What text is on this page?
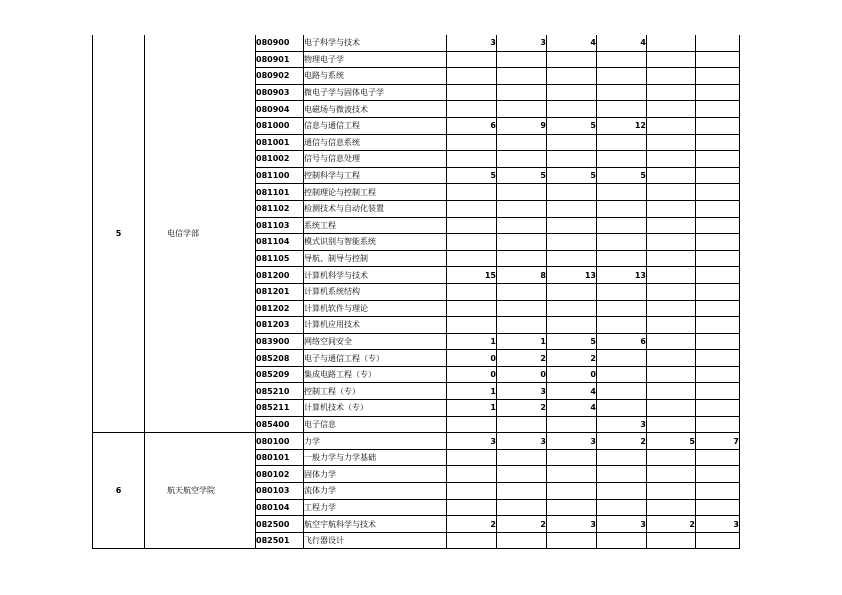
5	电信学部	080900	电子科学与技术	3	3	4	4		
		080901	物理电子学						
		080902	电路与系统						
		080903	微电子学与固体电子学						
		080904	电磁场与微波技术						
		081000	信息与通信工程	6	9	5	12		
		081001	通信与信息系统						
		081002	信号与信息处理						
		081100	控制科学与工程	5	5	5	5		
		081101	控制理论与控制工程						
		081102	检测技术与自动化装置						
		081103	系统工程						
		081104	模式识别与智能系统						
		081105	导航、制导与控制						
		081200	计算机科学与技术	15	8	13	13		
		081201	计算机系统结构						
		081202	计算机软件与理论						
		081203	计算机应用技术						
		083900	网络空间安全	1	1	5	6		
		085208	电子与通信工程（专）	0	2	2			
		085209	集成电路工程（专）	0	0	0			
		085210	控制工程（专）	1	3	4			
		085211	计算机技术（专）	1	2	4			
		085400	电子信息				3		
6	航天航空学院	080100	力学	3	3	3	2	5	7
		080101	一般力学与力学基础						
		080102	固体力学						
		080103	流体力学						
		080104	工程力学						
		082500	航空宇航科学与技术	2	2	3	3	2	3
		082501	飞行器设计						
